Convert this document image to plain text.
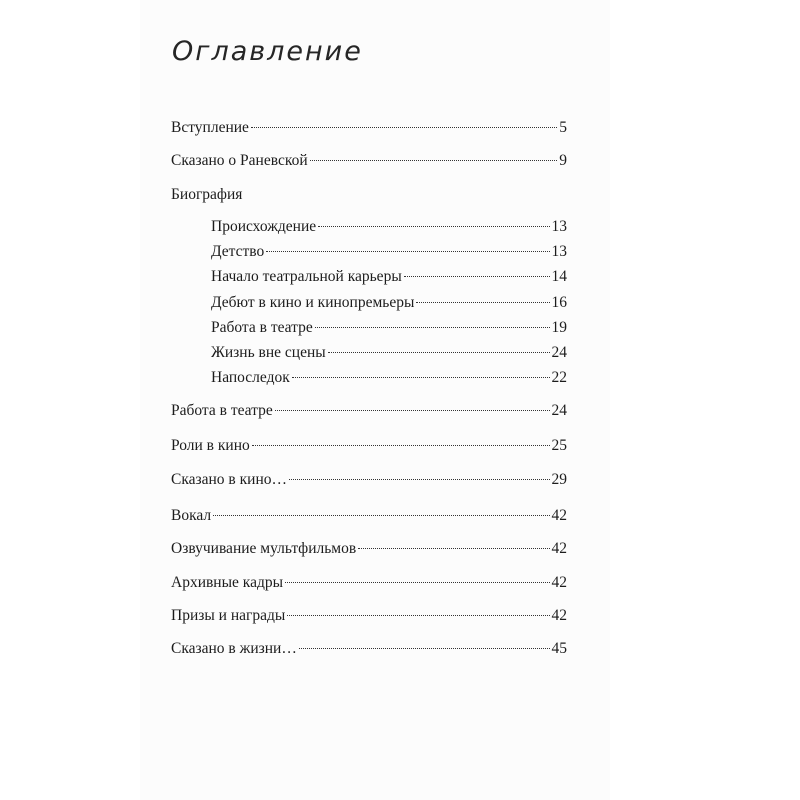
Оглавление
Вступление	5
Сказано о Раневской	9
Биография
Происхождение	13
Детство	13
Начало театральной карьеры	14
Дебют в кино и кинопремьеры	16
Работа в театре	19
Жизнь вне сцены	24
Напоследок	22
Работа в театре	24
Роли в кино	25
Сказано в кино…	29
Вокал	42
Озвучивание мультфильмов	42
Архивные кадры	42
Призы и награды	42
Сказано в жизни…	45
